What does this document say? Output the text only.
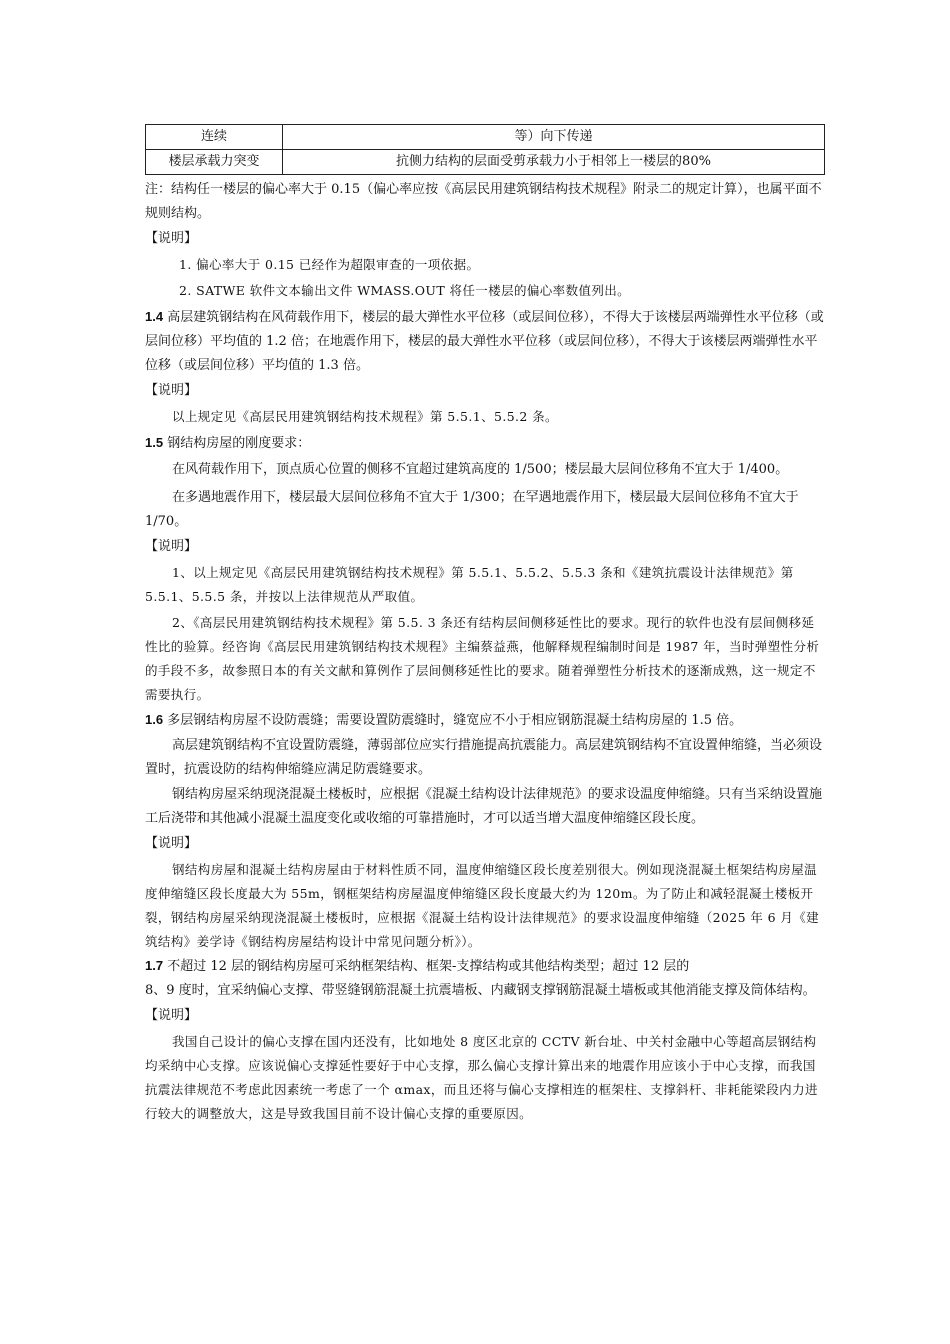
连续	等）向下传递
楼层承载力突变	抗侧力结构的层面受剪承载力小于相邻上一楼层的80%

注：结构任一楼层的偏心率大于 0.15（偏心率应按《高层民用建筑钢结构技术规程》附录二的规定计算），也属平面不规则结构。

【说明】

1. 偏心率大于 0.15 已经作为超限审查的一项依据。

2. SATWE 软件文本输出文件 WMASS.OUT 将任一楼层的偏心率数值列出。

1.4 高层建筑钢结构在风荷载作用下，楼层的最大弹性水平位移（或层间位移），不得大于该楼层两端弹性水平位移（或层间位移）平均值的 1.2 倍；在地震作用下，楼层的最大弹性水平位移（或层间位移），不得大于该楼层两端弹性水平位移（或层间位移）平均值的 1.3 倍。

【说明】

以上规定见《高层民用建筑钢结构技术规程》第 5.5.1、5.5.2 条。

1.5 钢结构房屋的刚度要求：

在风荷载作用下，顶点质心位置的侧移不宜超过建筑高度的 1/500；楼层最大层间位移角不宜大于 1/400。

在多遇地震作用下，楼层最大层间位移角不宜大于 1/300；在罕遇地震作用下，楼层最大层间位移角不宜大于 1/70。

【说明】

1、以上规定见《高层民用建筑钢结构技术规程》第 5.5.1、5.5.2、5.5.3 条和《建筑抗震设计法律规范》第 5.5.1、5.5.5 条，并按以上法律规范从严取值。

2、《高层民用建筑钢结构技术规程》第 5.5. 3 条还有结构层间侧移延性比的要求。现行的软件也没有层间侧移延性比的验算。经咨询《高层民用建筑钢结构技术规程》主编蔡益燕，他解释规程编制时间是 1987 年，当时弹塑性分析的手段不多，故参照日本的有关文献和算例作了层间侧移延性比的要求。随着弹塑性分析技术的逐渐成熟，这一规定不需要执行。

1.6 多层钢结构房屋不设防震缝；需要设置防震缝时，缝宽应不小于相应钢筋混凝土结构房屋的 1.5 倍。

高层建筑钢结构不宜设置防震缝，薄弱部位应实行措施提高抗震能力。高层建筑钢结构不宜设置伸缩缝，当必须设置时，抗震设防的结构伸缩缝应满足防震缝要求。

钢结构房屋采纳现浇混凝土楼板时，应根据《混凝土结构设计法律规范》的要求设温度伸缩缝。只有当采纳设置施工后浇带和其他减小混凝土温度变化或收缩的可靠措施时，才可以适当增大温度伸缩缝区段长度。

【说明】

钢结构房屋和混凝土结构房屋由于材料性质不同，温度伸缩缝区段长度差别很大。例如现浇混凝土框架结构房屋温度伸缩缝区段长度最大为 55m，钢框架结构房屋温度伸缩缝区段长度最大约为 120m。为了防止和减轻混凝土楼板开裂，钢结构房屋采纳现浇混凝土楼板时，应根据《混凝土结构设计法律规范》的要求设温度伸缩缝（2025 年 6 月《建筑结构》姜学诗《钢结构房屋结构设计中常见问题分析》）。

1.7 不超过 12 层的钢结构房屋可采纳框架结构、框架-支撑结构或其他结构类型；超过 12 层的

8、9 度时，宜采纳偏心支撑、带竖缝钢筋混凝土抗震墙板、内藏钢支撑钢筋混凝土墙板或其他消能支撑及筒体结构。

【说明】

我国自己设计的偏心支撑在国内还没有，比如地处 8 度区北京的 CCTV 新台址、中关村金融中心等超高层钢结构均采纳中心支撑。应该说偏心支撑延性要好于中心支撑，那么偏心支撑计算出来的地震作用应该小于中心支撑，而我国抗震法律规范不考虑此因素统一考虑了一个 αmax，而且还将与偏心支撑相连的框架柱、支撑斜杆、非耗能梁段内力进行较大的调整放大，这是导致我国目前不设计偏心支撑的重要原因。
